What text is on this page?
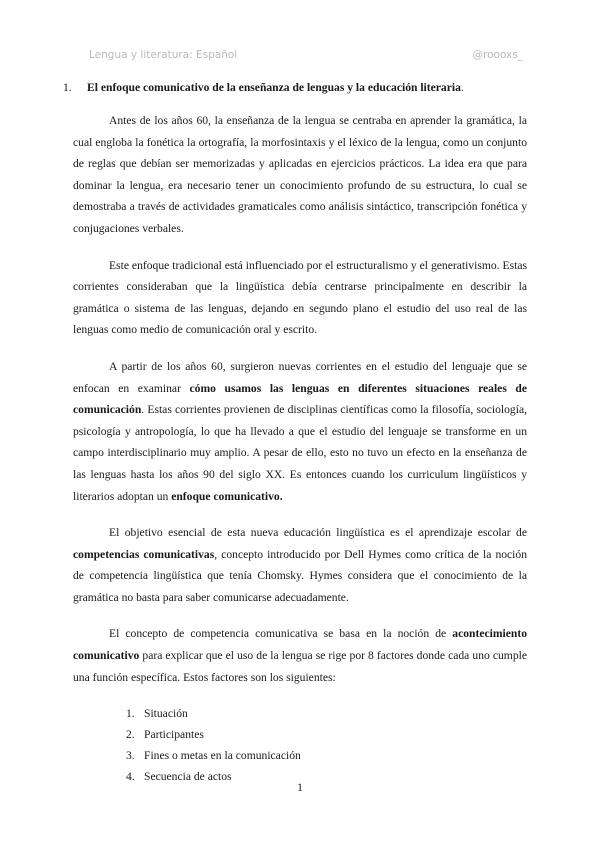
Lengua y literatura: Español	@roooxs_
1. El enfoque comunicativo de la enseñanza de lenguas y la educación literaria.

Antes de los años 60, la enseñanza de la lengua se centraba en aprender la gramática, la cual engloba la fonética la ortografía, la morfosintaxis y el léxico de la lengua, como un conjunto de reglas que debían ser memorizadas y aplicadas en ejercicios prácticos. La idea era que para dominar la lengua, era necesario tener un conocimiento profundo de su estructura, lo cual se demostraba a través de actividades gramaticales como análisis sintáctico, transcripción fonética y conjugaciones verbales.

Este enfoque tradicional está influenciado por el estructuralismo y el generativismo. Estas corrientes consideraban que la lingüística debía centrarse principalmente en describir la gramática o sistema de las lenguas, dejando en segundo plano el estudio del uso real de las lenguas como medio de comunicación oral y escrito.

A partir de los años 60, surgieron nuevas corrientes en el estudio del lenguaje que se enfocan en examinar cómo usamos las lenguas en diferentes situaciones reales de comunicación. Estas corrientes provienen de disciplinas científicas como la filosofía, sociología, psicología y antropología, lo que ha llevado a que el estudio del lenguaje se transforme en un campo interdisciplinario muy amplio. A pesar de ello, esto no tuvo un efecto en la enseñanza de las lenguas hasta los años 90 del siglo XX. Es entonces cuando los curriculum lingüísticos y literarios adoptan un enfoque comunicativo.

El objetivo esencial de esta nueva educación lingüística es el aprendizaje escolar de competencias comunicativas, concepto introducido por Dell Hymes como crítica de la noción de competencia lingüística que tenía Chomsky. Hymes considera que el conocimiento de la gramática no basta para saber comunicarse adecuadamente.

El concepto de competencia comunicativa se basa en la noción de acontecimiento comunicativo para explicar que el uso de la lengua se rige por 8 factores donde cada uno cumple una función específica. Estos factores son los siguientes:

1. Situación
2. Participantes
3. Fines o metas en la comunicación
4. Secuencia de actos
1
